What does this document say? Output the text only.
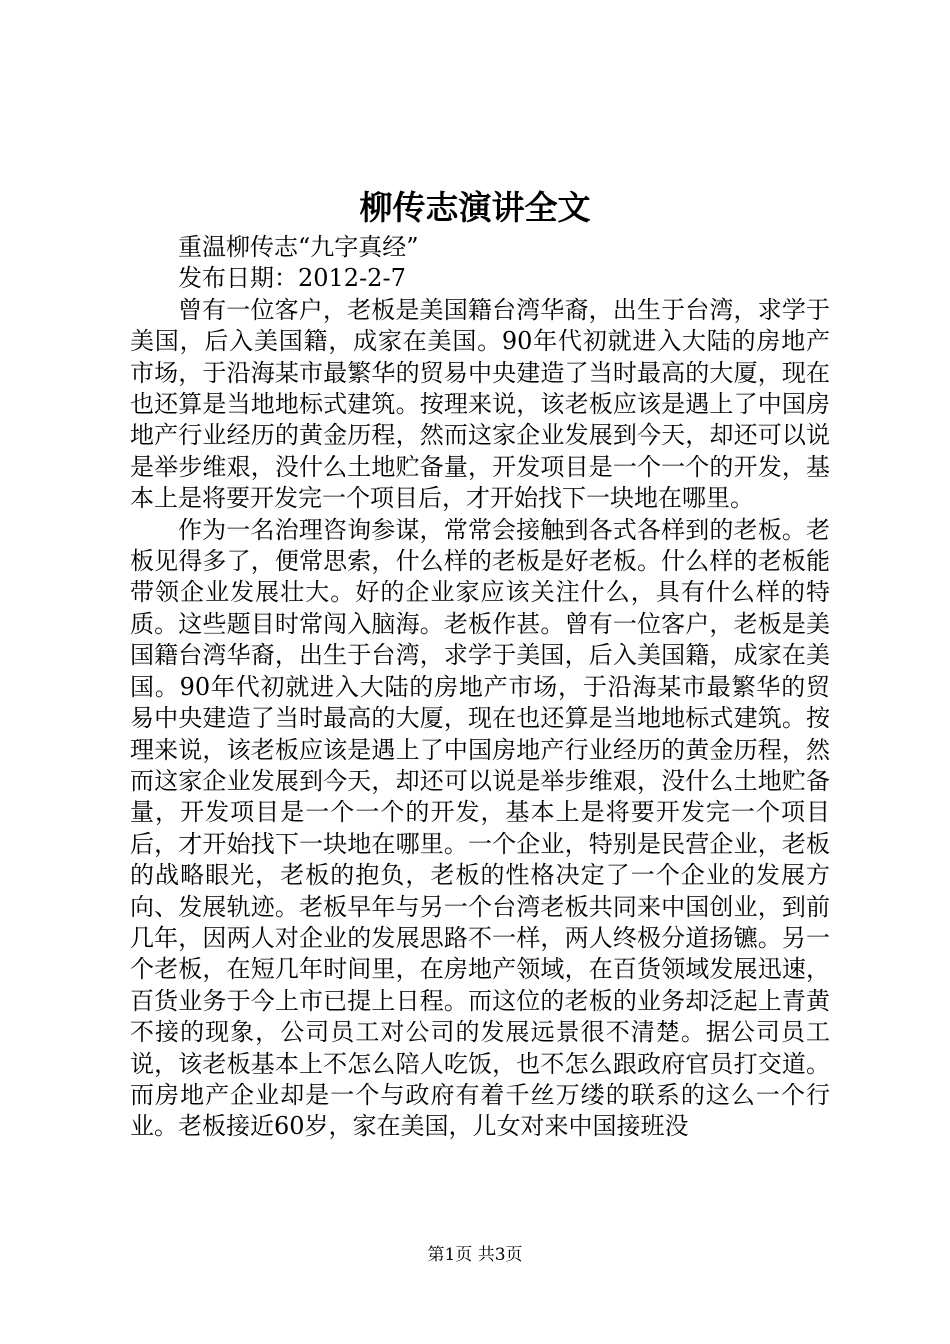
柳传志演讲全文

重温柳传志“九字真经”

发布日期：2012-2-7

曾有一位客户，老板是美国籍台湾华裔，出生于台湾，求学于美国，后入美国籍，成家在美国。90年代初就进入大陆的房地产市场，于沿海某市最繁华的贸易中央建造了当时最高的大厦，现在也还算是当地地标式建筑。按理来说，该老板应该是遇上了中国房地产行业经历的黄金历程，然而这家企业发展到今天，却还可以说是举步维艰，没什么土地贮备量，开发项目是一个一个的开发，基本上是将要开发完一个项目后，才开始找下一块地在哪里。

作为一名治理咨询参谋，常常会接触到各式各样到的老板。老板见得多了，便常思索，什么样的老板是好老板。什么样的老板能带领企业发展壮大。好的企业家应该关注什么，具有什么样的特质。这些题目时常闯入脑海。老板作甚。曾有一位客户，老板是美国籍台湾华裔，出生于台湾，求学于美国，后入美国籍，成家在美国。90年代初就进入大陆的房地产市场，于沿海某市最繁华的贸易中央建造了当时最高的大厦，现在也还算是当地地标式建筑。按理来说，该老板应该是遇上了中国房地产行业经历的黄金历程，然而这家企业发展到今天，却还可以说是举步维艰，没什么土地贮备量，开发项目是一个一个的开发，基本上是将要开发完一个项目后，才开始找下一块地在哪里。一个企业，特别是民营企业，老板的战略眼光，老板的抱负，老板的性格决定了一个企业的发展方向、发展轨迹。老板早年与另一个台湾老板共同来中国创业，到前几年，因两人对企业的发展思路不一样，两人终极分道扬镳。另一个老板，在短几年时间里，在房地产领域，在百货领域发展迅速，百货业务于今上市已提上日程。而这位的老板的业务却泛起上青黄不接的现象，公司员工对公司的发展远景很不清楚。据公司员工说，该老板基本上不怎么陪人吃饭，也不怎么跟政府官员打交道。而房地产企业却是一个与政府有着千丝万缕的联系的这么一个行业。老板接近60岁，家在美国，儿女对来中国接班没

第1页 共3页
